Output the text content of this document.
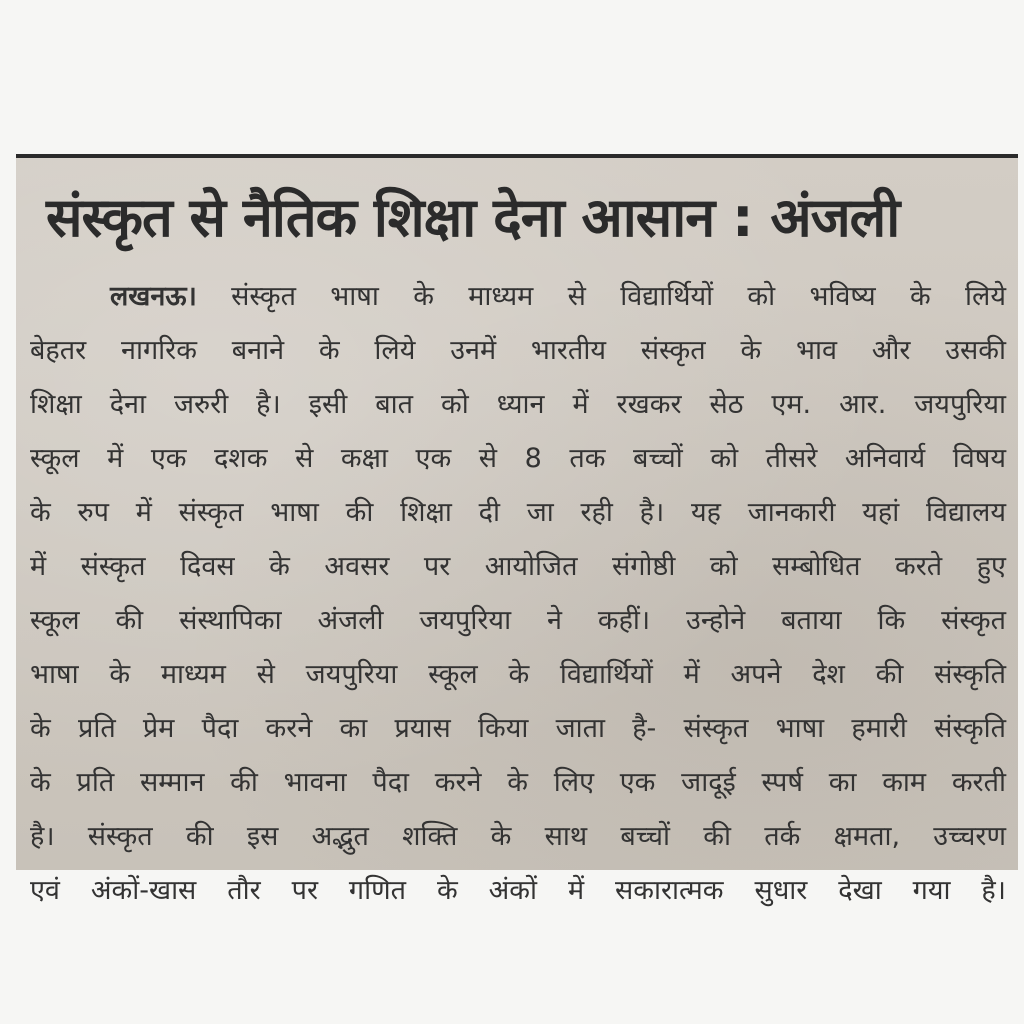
संस्कृत से नैतिक शिक्षा देना आसान : अंजली
लखनऊ। संस्कृत भाषा के माध्यम से विद्यार्थियों को भविष्य के लिये
बेहतर नागरिक बनाने के लिये उनमें भारतीय संस्कृत के भाव और उसकी
शिक्षा देना जरुरी है। इसी बात को ध्यान में रखकर सेठ एम. आर. जयपुरिया
स्कूल में एक दशक से कक्षा एक से 8 तक बच्चों को तीसरे अनिवार्य विषय
के रुप में संस्कृत भाषा की शिक्षा दी जा रही है। यह जानकारी यहां विद्यालय
में संस्कृत दिवस के अवसर पर आयोजित संगोष्ठी को सम्बोधित करते हुए
स्कूल की संस्थापिका अंजली जयपुरिया ने कहीं। उन्होने बताया कि संस्कृत
भाषा के माध्यम से जयपुरिया स्कूल के विद्यार्थियों में अपने देश की संस्कृति
के प्रति प्रेम पैदा करने का प्रयास किया जाता है- संस्कृत भाषा हमारी संस्कृति
के प्रति सम्मान की भावना पैदा करने के लिए एक जादूई स्पर्ष का काम करती
है। संस्कृत की इस अद्भुत शक्ति के साथ बच्चों की तर्क क्षमता, उच्चरण
एवं अंकों-खास तौर पर गणित के अंकों में सकारात्मक सुधार देखा गया है।
